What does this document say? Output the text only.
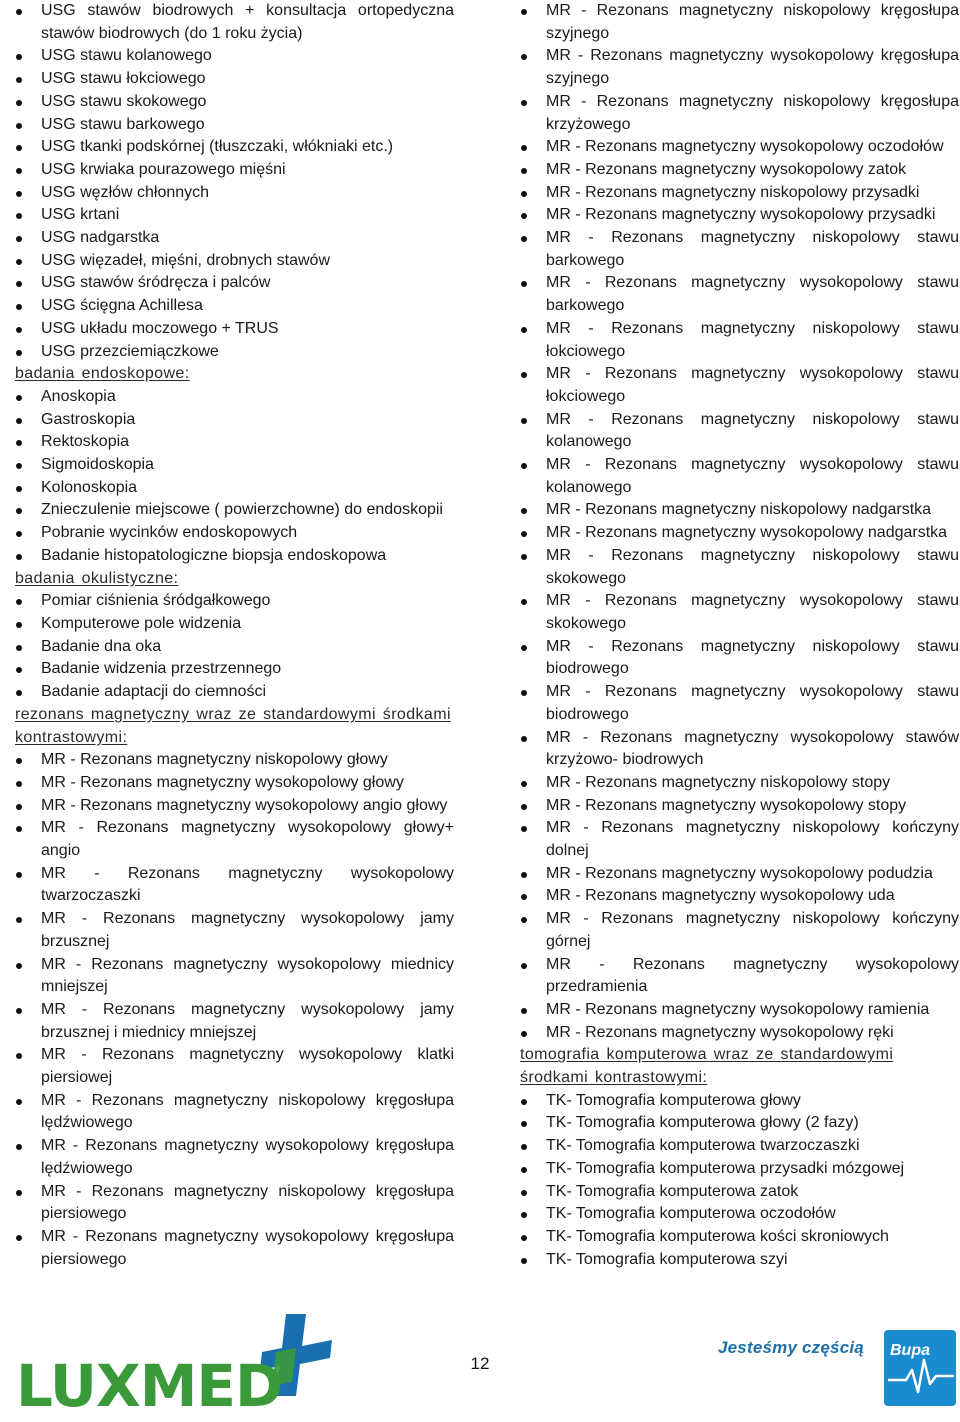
USG stawów biodrowych + konsultacja ortopedyczna stawów biodrowych (do 1 roku życia)
USG stawu kolanowego
USG stawu łokciowego
USG stawu skokowego
USG stawu barkowego
USG tkanki podskórnej (tłuszczaki, włókniaki etc.)
USG krwiaka pourazowego mięśni
USG węzłów chłonnych
USG krtani
USG nadgarstka
USG więzadeł, mięśni, drobnych stawów
USG stawów śródręcza i palców
USG ścięgna Achillesa
USG układu moczowego + TRUS
USG przezciemiączkowe
badania endoskopowe:
Anoskopia
Gastroskopia
Rektoskopia
Sigmoidoskopia
Kolonoskopia
Znieczulenie miejscowe ( powierzchowne) do endoskopii
Pobranie wycinków endoskopowych
Badanie histopatologiczne biopsja endoskopowa
badania okulistyczne:
Pomiar ciśnienia śródgałkowego
Komputerowe pole widzenia
Badanie dna oka
Badanie widzenia przestrzennego
Badanie adaptacji do ciemności
rezonans magnetyczny wraz ze standardowymi środkami kontrastowymi:
MR - Rezonans magnetyczny niskopolowy głowy
MR - Rezonans magnetyczny wysokopolowy głowy
MR - Rezonans magnetyczny wysokopolowy angio głowy
MR - Rezonans magnetyczny wysokopolowy głowy+ angio
MR - Rezonans magnetyczny wysokopolowy twarzoczaszki
MR - Rezonans magnetyczny wysokopolowy jamy brzusznej
MR - Rezonans magnetyczny wysokopolowy miednicy mniejszej
MR - Rezonans magnetyczny wysokopolowy jamy brzusznej i miednicy mniejszej
MR - Rezonans magnetyczny wysokopolowy klatki piersiowej
MR - Rezonans magnetyczny niskopolowy kręgosłupa lędźwiowego
MR - Rezonans magnetyczny wysokopolowy kręgosłupa lędźwiowego
MR - Rezonans magnetyczny niskopolowy kręgosłupa piersiowego
MR - Rezonans magnetyczny wysokopolowy kręgosłupa piersiowego
MR - Rezonans magnetyczny niskopolowy kręgosłupa szyjnego
MR - Rezonans magnetyczny wysokopolowy kręgosłupa szyjnego
MR - Rezonans magnetyczny niskopolowy kręgosłupa krzyżowego
MR - Rezonans magnetyczny wysokopolowy oczodołów
MR - Rezonans magnetyczny wysokopolowy zatok
MR - Rezonans magnetyczny niskopolowy przysadki
MR - Rezonans magnetyczny wysokopolowy przysadki
MR - Rezonans magnetyczny niskopolowy stawu barkowego
MR - Rezonans magnetyczny wysokopolowy stawu barkowego
MR - Rezonans magnetyczny niskopolowy stawu łokciowego
MR - Rezonans magnetyczny wysokopolowy stawu łokciowego
MR - Rezonans magnetyczny niskopolowy stawu kolanowego
MR - Rezonans magnetyczny wysokopolowy stawu kolanowego
MR - Rezonans magnetyczny niskopolowy nadgarstka
MR - Rezonans magnetyczny wysokopolowy nadgarstka
MR - Rezonans magnetyczny niskopolowy stawu skokowego
MR - Rezonans magnetyczny wysokopolowy stawu skokowego
MR - Rezonans magnetyczny niskopolowy stawu biodrowego
MR - Rezonans magnetyczny wysokopolowy stawu biodrowego
MR - Rezonans magnetyczny wysokopolowy stawów krzyżowo- biodrowych
MR - Rezonans magnetyczny niskopolowy stopy
MR - Rezonans magnetyczny wysokopolowy stopy
MR - Rezonans magnetyczny niskopolowy kończyny dolnej
MR - Rezonans magnetyczny wysokopolowy podudzia
MR - Rezonans magnetyczny wysokopolowy uda
MR - Rezonans magnetyczny niskopolowy kończyny górnej
MR - Rezonans magnetyczny wysokopolowy przedramienia
MR - Rezonans magnetyczny wysokopolowy ramienia
MR - Rezonans magnetyczny wysokopolowy ręki
tomografia komputerowa wraz ze standardowymi środkami kontrastowymi:
TK- Tomografia komputerowa głowy
TK- Tomografia komputerowa głowy (2 fazy)
TK- Tomografia komputerowa twarzoczaszki
TK- Tomografia komputerowa przysadki mózgowej
TK- Tomografia komputerowa zatok
TK- Tomografia komputerowa oczodołów
TK- Tomografia komputerowa kości skroniowych
TK- Tomografia komputerowa szyi
LUXMED	12
Jesteśmy częścią Bupa
